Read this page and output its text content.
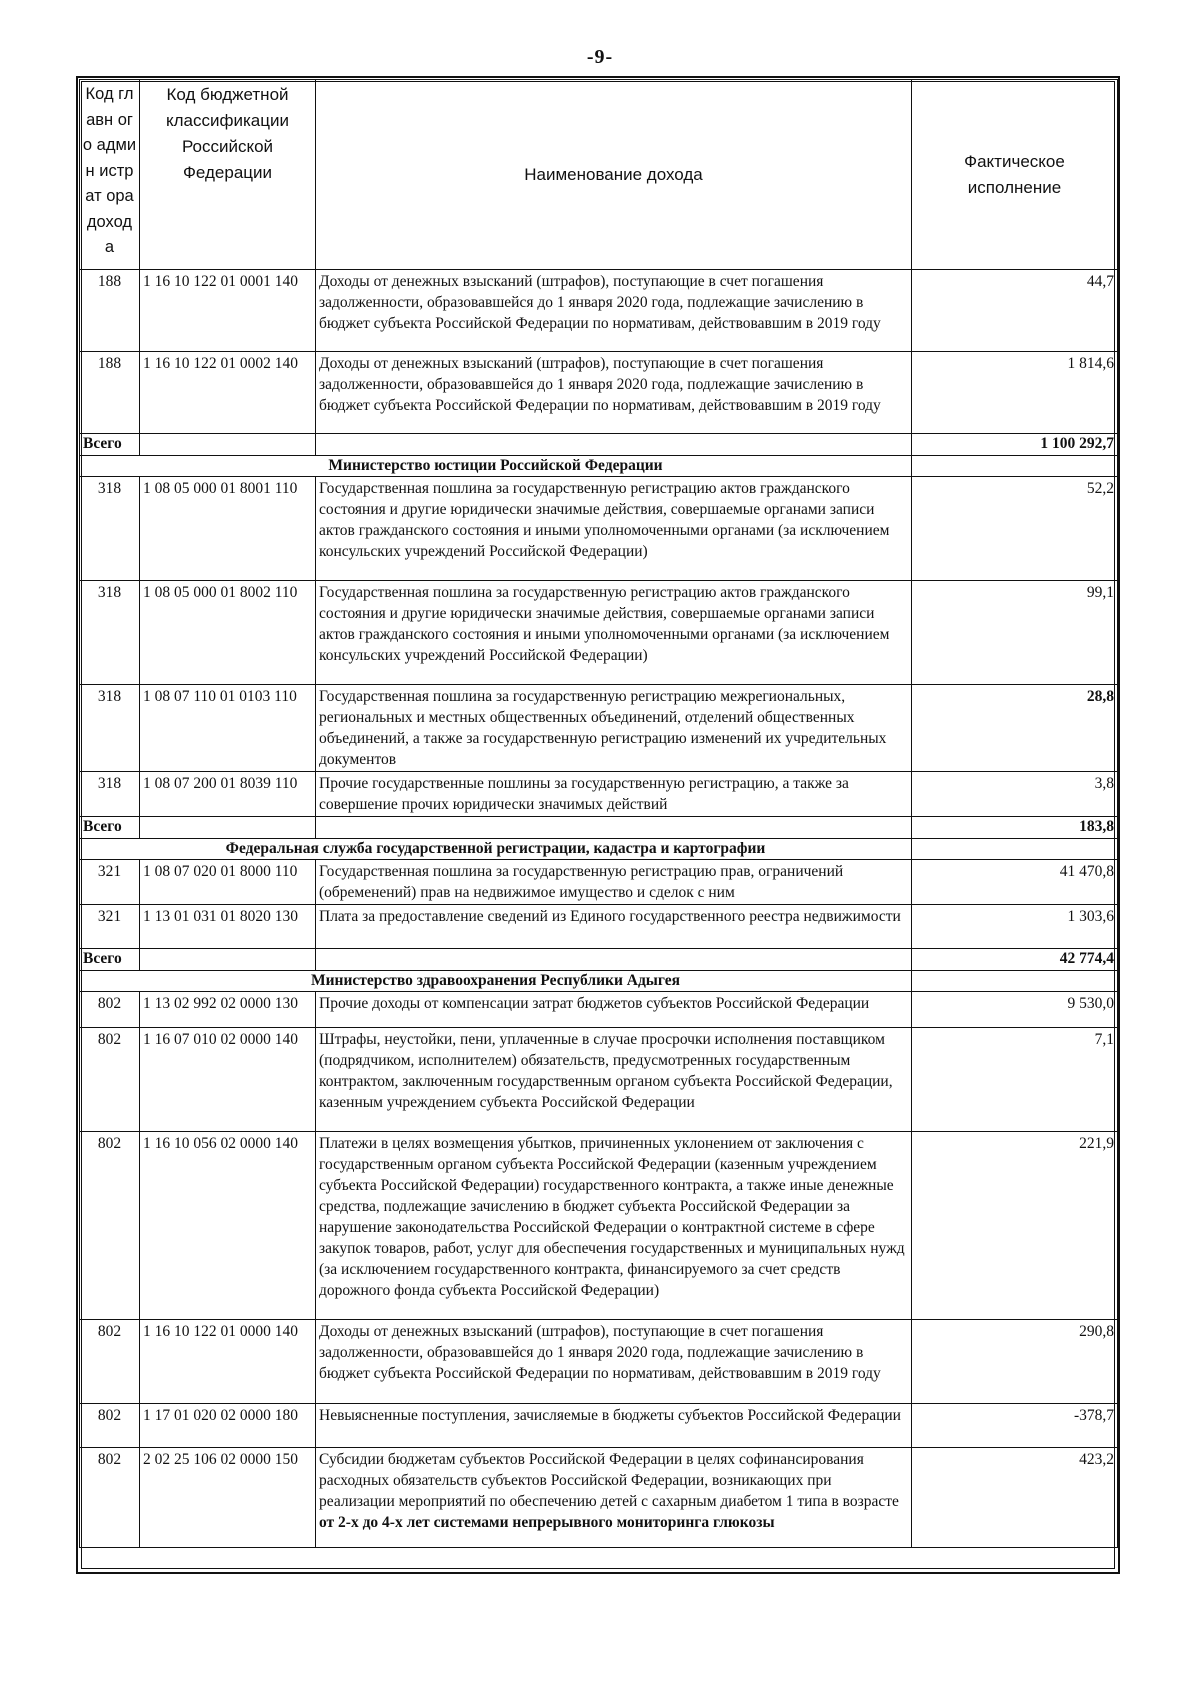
-9-
Код главн ого админ истрат ора доход а	Код бюджетной классификации Российской Федерации	Наименование дохода	Фактическое исполнение
188	1 16 10 122 01 0001 140	Доходы от денежных взысканий (штрафов), поступающие в счет погашения задолженности, образовавшейся до 1 января 2020 года, подлежащие зачислению в бюджет субъекта Российской Федерации по нормативам, действовавшим в 2019 году	44,7
188	1 16 10 122 01 0002 140	Доходы от денежных взысканий (штрафов), поступающие в счет погашения задолженности, образовавшейся до 1 января 2020 года, подлежащие зачислению в бюджет субъекта Российской Федерации по нормативам, действовавшим в 2019 году	1 814,6
Всего			1 100 292,7
Министерство юстиции Российской Федерации			
318	1 08 05 000 01 8001 110	Государственная пошлина за государственную регистрацию актов гражданского состояния и другие юридически значимые действия, совершаемые органами записи актов гражданского состояния и иными уполномоченными органами (за исключением консульских учреждений Российской Федерации)	52,2
318	1 08 05 000 01 8002 110	Государственная пошлина за государственную регистрацию актов гражданского состояния и другие юридически значимые действия, совершаемые органами записи актов гражданского состояния и иными уполномоченными органами (за исключением консульских учреждений Российской Федерации)	99,1
318	1 08 07 110 01 0103 110	Государственная пошлина за государственную регистрацию межрегиональных, региональных и местных общественных объединений, отделений общественных объединений, а также за государственную регистрацию изменений их учредительных документов	28,8
318	1 08 07 200 01 8039 110	Прочие государственные пошлины за государственную регистрацию, а также за совершение прочих юридически значимых действий	3,8
Всего			183,8
Федеральная служба государственной регистрации, кадастра и картографии			
321	1 08 07 020 01 8000 110	Государственная пошлина за государственную регистрацию прав, ограничений (обременений) прав на недвижимое имущество и сделок с ним	41 470,8
321	1 13 01 031 01 8020 130	Плата за предоставление сведений из Единого государственного реестра недвижимости	1 303,6
Всего			42 774,4
Министерство здравоохранения Республики Адыгея			
802	1 13 02 992 02 0000 130	Прочие доходы от компенсации затрат бюджетов субъектов Российской Федерации	9 530,0
802	1 16 07 010 02 0000 140	Штрафы, неустойки, пени, уплаченные в случае просрочки исполнения поставщиком (подрядчиком, исполнителем) обязательств, предусмотренных государственным контрактом, заключенным государственным органом субъекта Российской Федерации, казенным учреждением субъекта Российской Федерации	7,1
802	1 16 10 056 02 0000 140	Платежи в целях возмещения убытков, причиненных уклонением от заключения с государственным органом субъекта Российской Федерации (казенным учреждением субъекта Российской Федерации) государственного контракта, а также иные денежные средства, подлежащие зачислению в бюджет субъекта Российской Федерации за нарушение законодательства Российской Федерации о контрактной системе в сфере закупок товаров, работ, услуг для обеспечения государственных и муниципальных нужд (за исключением государственного контракта, финансируемого за счет средств дорожного фонда субъекта Российской Федерации)	221,9
802	1 16 10 122 01 0000 140	Доходы от денежных взысканий (штрафов), поступающие в счет погашения задолженности, образовавшейся до 1 января 2020 года, подлежащие зачислению в бюджет субъекта Российской Федерации по нормативам, действовавшим в 2019 году	290,8
802	1 17 01 020 02 0000 180	Невыясненные поступления, зачисляемые в бюджеты субъектов Российской Федерации	-378,7
802	2 02 25 106 02 0000 150	Субсидии бюджетам субъектов Российской Федерации в целях софинансирования расходных обязательств субъектов Российской Федерации, возникающих при реализации мероприятий по обеспечению детей с сахарным диабетом 1 типа в возрасте от 2-х до 4-х лет системами непрерывного мониторинга глюкозы	423,2
